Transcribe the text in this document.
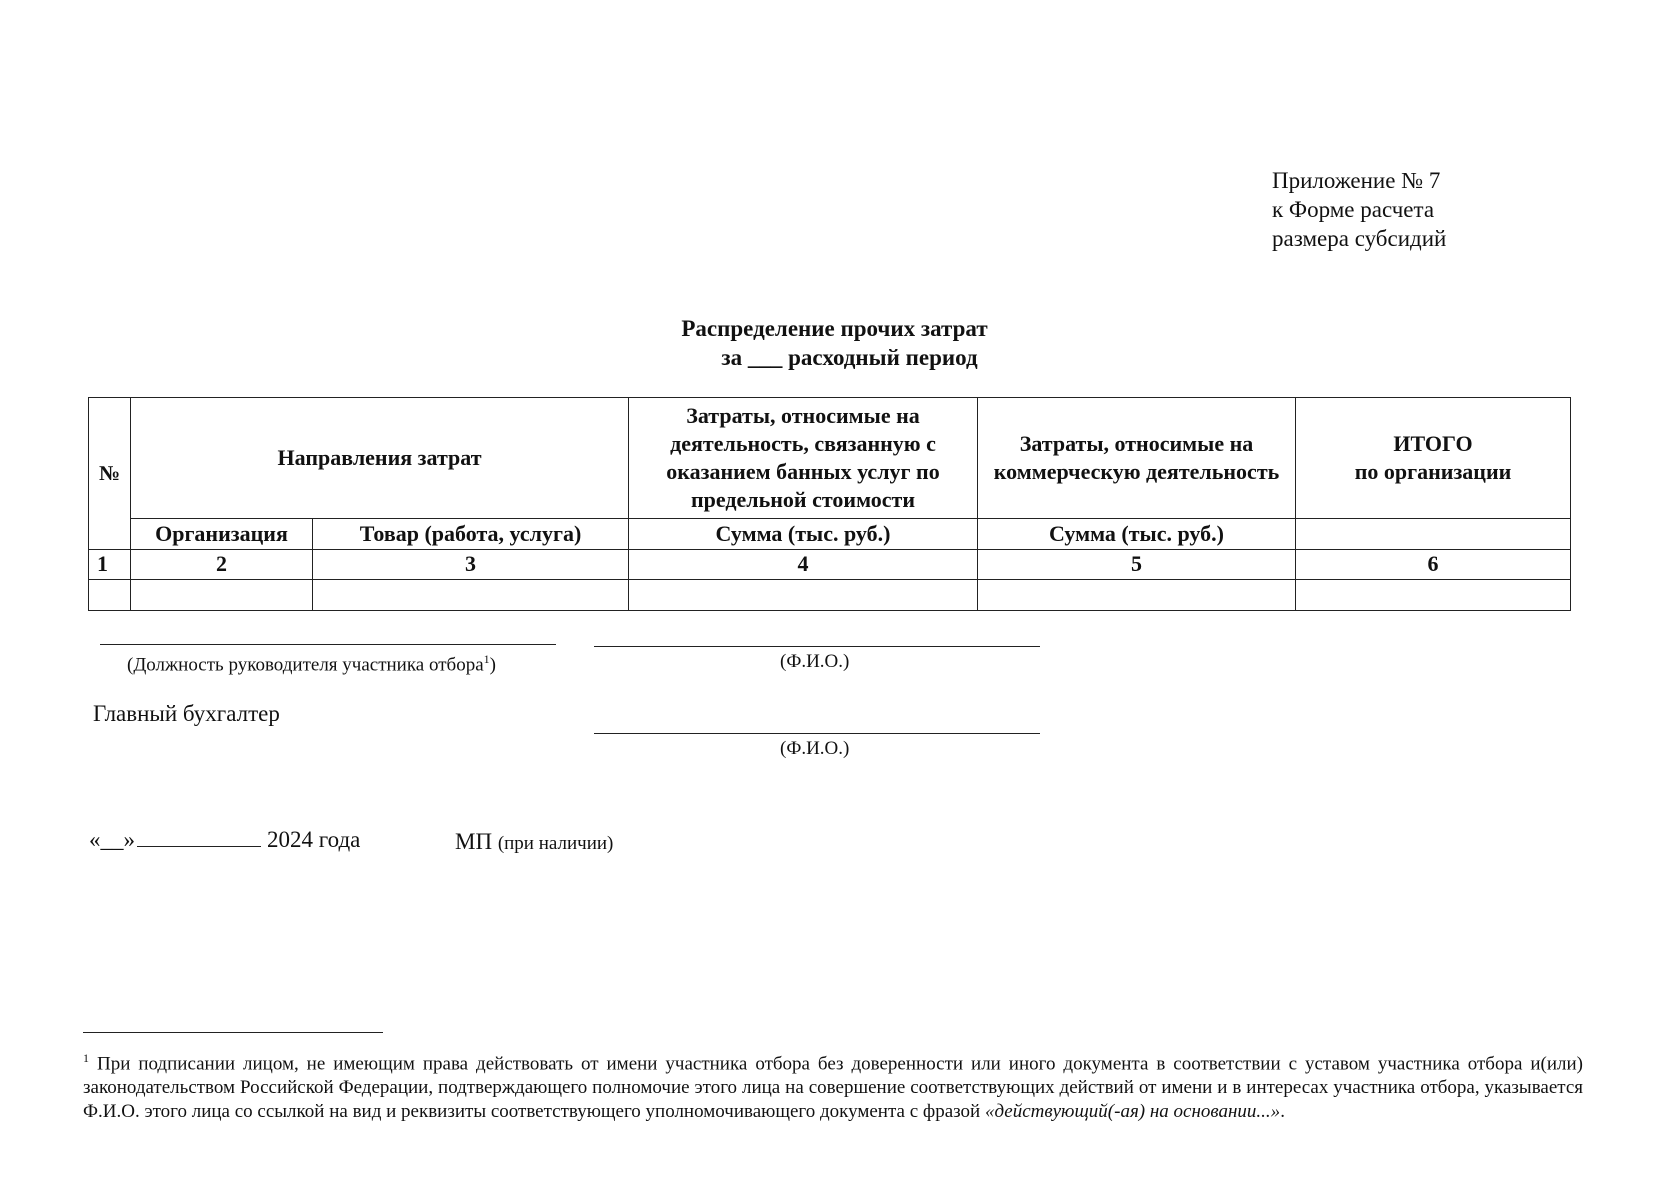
Приложение № 7
к Форме расчета
размера субсидий
Распределение прочих затрат
за ___ расходный период
№	Направления затрат		Затраты, относимые на деятельность, связанную с оказанием банных услуг по предельной стоимости	Затраты, относимые на коммерческую деятельность	ИТОГО
по организации

	Организация	Товар (работа, услуга)	Сумма (тыс. руб.)	Сумма (тыс. руб.)	
1	2	3	4	5	6

(Должность руководителя участника отбора$^1$)	(Ф.И.О.)
Главный бухгалтер
(Ф.И.О.)
«__»	2024 года	МП (при наличии)
$^1$ При подписании лицом, не имеющим права действовать от имени участника отбора без доверенности или иного документа в соответствии с уставом участника отбора и(или) законодательством Российской Федерации, подтверждающего полномочие этого лица на совершение соответствующих действий от имени и в интересах участника отбора, указывается Ф.И.О. этого лица со ссылкой на вид и реквизиты соответствующего уполномочивающего документа с фразой «действующий(-ая) на основании...».
